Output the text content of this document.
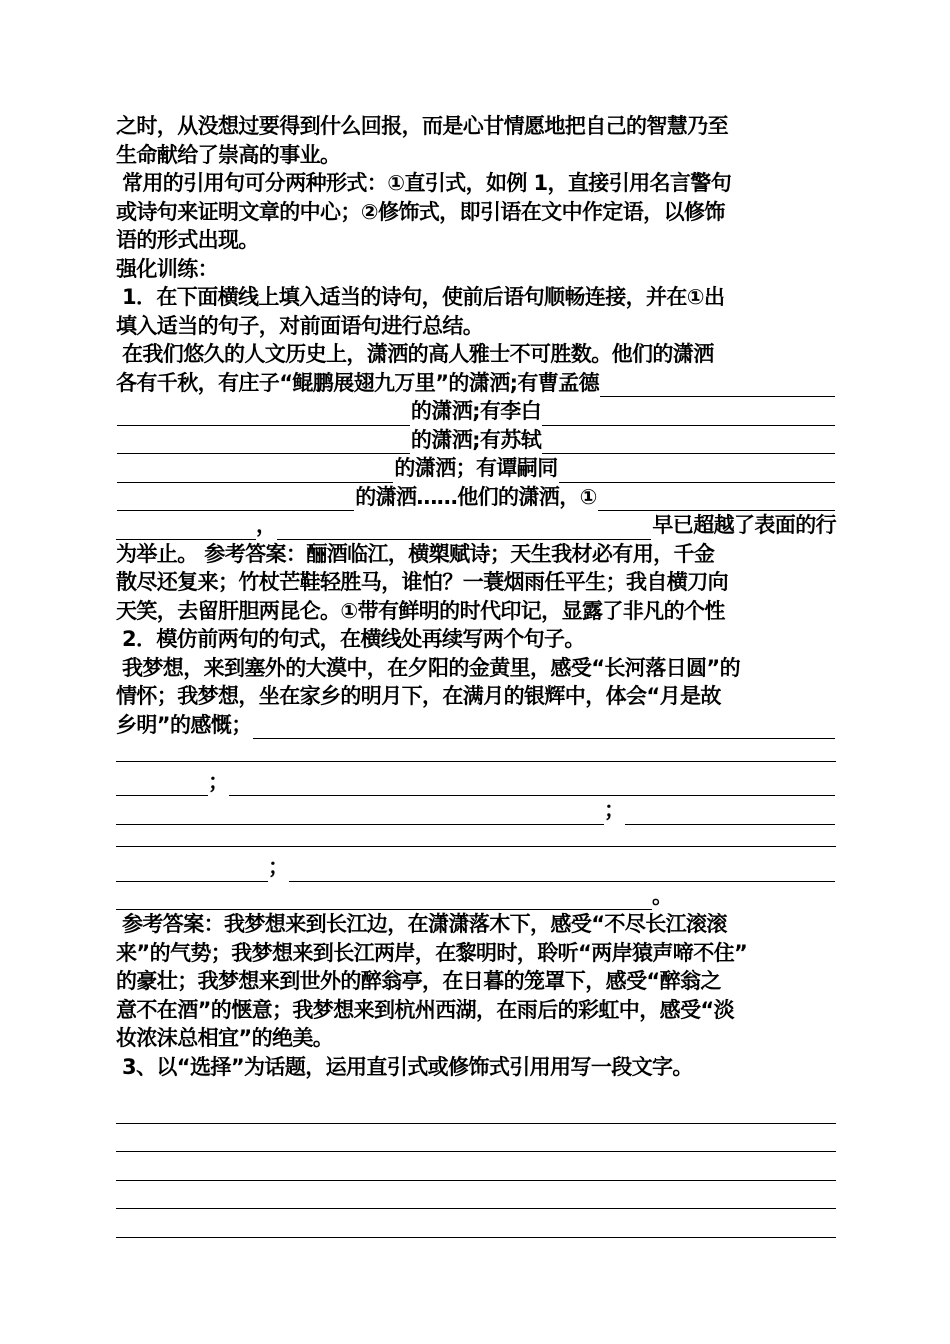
之时，从没想过要得到什么回报，而是心甘情愿地把自己的智慧乃至
生命献给了崇高的事业。
常用的引用句可分两种形式：①直引式，如例 1，直接引用名言警句
或诗句来证明文章的中心；②修饰式，即引语在文中作定语，以修饰
语的形式出现。
强化训练：
1．在下面横线上填入适当的诗句，使前后语句顺畅连接，并在①出
填入适当的句子，对前面语句进行总结。
在我们悠久的人文历史上，潇洒的高人雅士不可胜数。他们的潇洒
各有千秋，有庄子“鲲鹏展翅九万里”的潇洒;有曹孟德
的潇洒;有李白
的潇洒;有苏轼
的潇洒；有谭嗣同
的潇洒……他们的潇洒，①
，	早已超越了表面的行
为举止。 参考答案：酾酒临江，横槊赋诗；天生我材必有用，千金
散尽还复来；竹杖芒鞋轻胜马，谁怕？一蓑烟雨任平生；我自横刀向
天笑，去留肝胆两昆仑。①带有鲜明的时代印记，显露了非凡的个性
2．模仿前两句的句式，在横线处再续写两个句子。
我梦想，来到塞外的大漠中，在夕阳的金黄里，感受“长河落日圆”的
情怀；我梦想，坐在家乡的明月下，在满月的银辉中，体会“月是故
乡明”的感慨；
；
；
；
。
参考答案：我梦想来到长江边，在潇潇落木下，感受“不尽长江滚滚
来”的气势；我梦想来到长江两岸，在黎明时，聆听“两岸猿声啼不住”
的豪壮；我梦想来到世外的醉翁亭，在日暮的笼罩下，感受“醉翁之
意不在酒”的惬意；我梦想来到杭州西湖，在雨后的彩虹中，感受“淡
妆浓沫总相宜”的绝美。
3、以“选择”为话题，运用直引式或修饰式引用用写一段文字。
